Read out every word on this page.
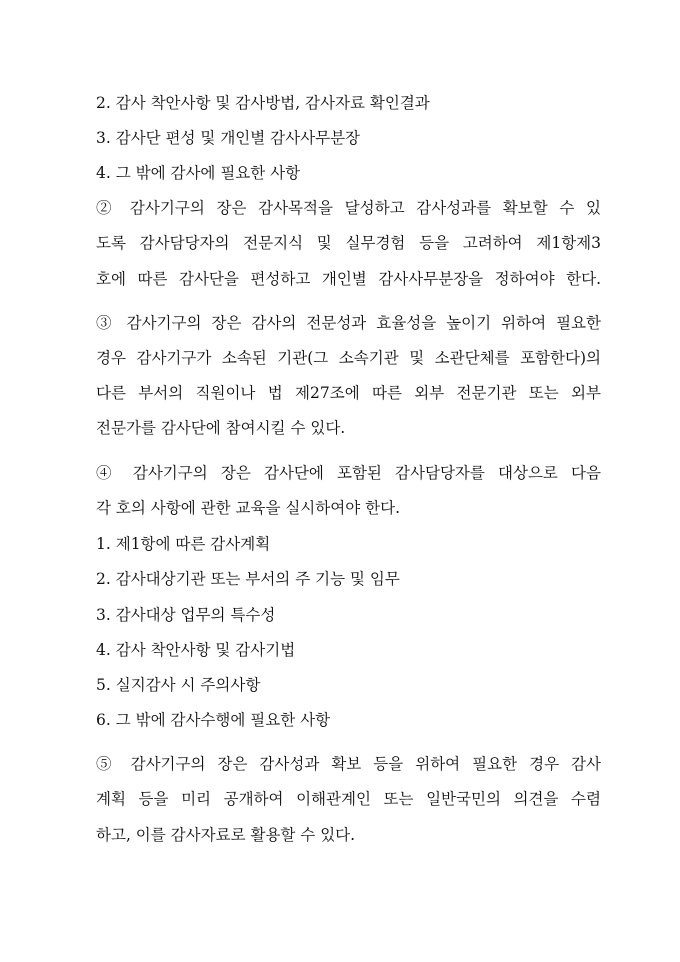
2. 감사 착안사항 및 감사방법, 감사자료 확인결과
3. 감사단 편성 및 개인별 감사사무분장
4. 그 밖에 감사에 필요한 사항
② 감사기구의 장은 감사목적을 달성하고 감사성과를 확보할 수 있
도록 감사담당자의 전문지식 및 실무경험 등을 고려하여 제1항제3
호에 따른 감사단을 편성하고 개인별 감사사무분장을 정하여야 한다.
③ 감사기구의 장은 감사의 전문성과 효율성을 높이기 위하여 필요한
경우 감사기구가 소속된 기관(그 소속기관 및 소관단체를 포함한다)의
다른 부서의 직원이나 법 제27조에 따른 외부 전문기관 또는 외부
전문가를 감사단에 참여시킬 수 있다.
④ 감사기구의 장은 감사단에 포함된 감사담당자를 대상으로 다음
각 호의 사항에 관한 교육을 실시하여야 한다.
1. 제1항에 따른 감사계획
2. 감사대상기관 또는 부서의 주 기능 및 임무
3. 감사대상 업무의 특수성
4. 감사 착안사항 및 감사기법
5. 실지감사 시 주의사항
6. 그 밖에 감사수행에 필요한 사항
⑤ 감사기구의 장은 감사성과 확보 등을 위하여 필요한 경우 감사
계획 등을 미리 공개하여 이해관계인 또는 일반국민의 의견을 수렴
하고, 이를 감사자료로 활용할 수 있다.
